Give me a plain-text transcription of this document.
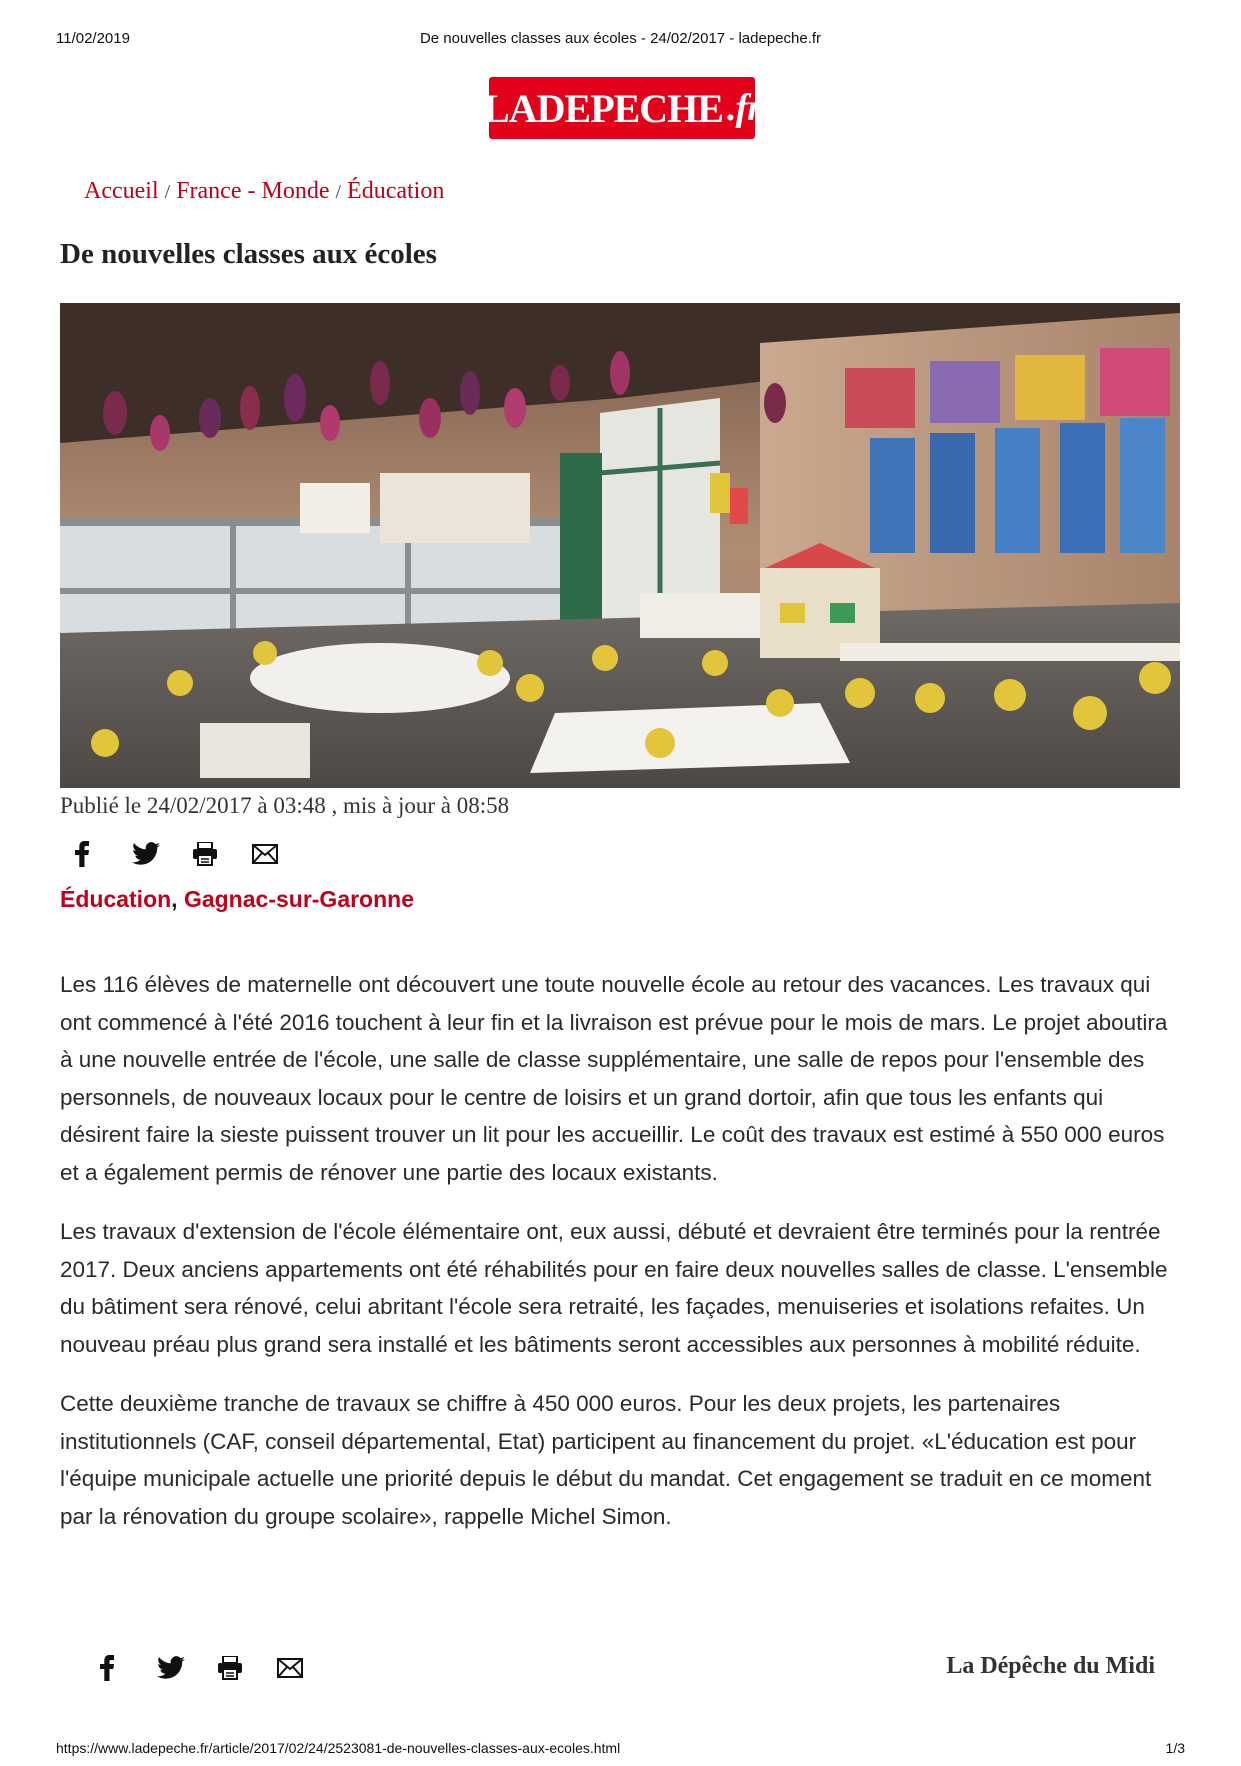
11/02/2019	De nouvelles classes aux écoles - 24/02/2017 - ladepeche.fr
LADEPECHE
. fr
Accueil / France - Monde / Éducation
De nouvelles classes aux écoles
Publié le 24/02/2017 à 03:48 , mis à jour à 08:58
Éducation, Gagnac-sur-Garonne

Les 116 élèves de maternelle ont découvert une toute nouvelle école au retour des vacances. Les travaux qui ont commencé à l'été 2016 touchent à leur fin et la livraison est prévue pour le mois de mars. Le projet aboutira à une nouvelle entrée de l'école, une salle de classe supplémentaire, une salle de repos pour l'ensemble des personnels, de nouveaux locaux pour le centre de loisirs et un grand dortoir, afin que tous les enfants qui désirent faire la sieste puissent trouver un lit pour les accueillir. Le coût des travaux est estimé à 550 000 euros et a également permis de rénover une partie des locaux existants.

Les travaux d'extension de l'école élémentaire ont, eux aussi, débuté et devraient être terminés pour la rentrée 2017. Deux anciens appartements ont été réhabilités pour en faire deux nouvelles salles de classe. L'ensemble du bâtiment sera rénové, celui abritant l'école sera retraité, les façades, menuiseries et isolations refaites. Un nouveau préau plus grand sera installé et les bâtiments seront accessibles aux personnes à mobilité réduite.

Cette deuxième tranche de travaux se chiffre à 450 000 euros. Pour les deux projets, les partenaires institutionnels (CAF, conseil départemental, Etat) participent au financement du projet. «L'éducation est pour l'équipe municipale actuelle une priorité depuis le début du mandat. Cet engagement se traduit en ce moment par la rénovation du groupe scolaire», rappelle Michel Simon.

La Dépêche du Midi
https://www.ladepeche.fr/article/2017/02/24/2523081-de-nouvelles-classes-aux-ecoles.html	1/3
